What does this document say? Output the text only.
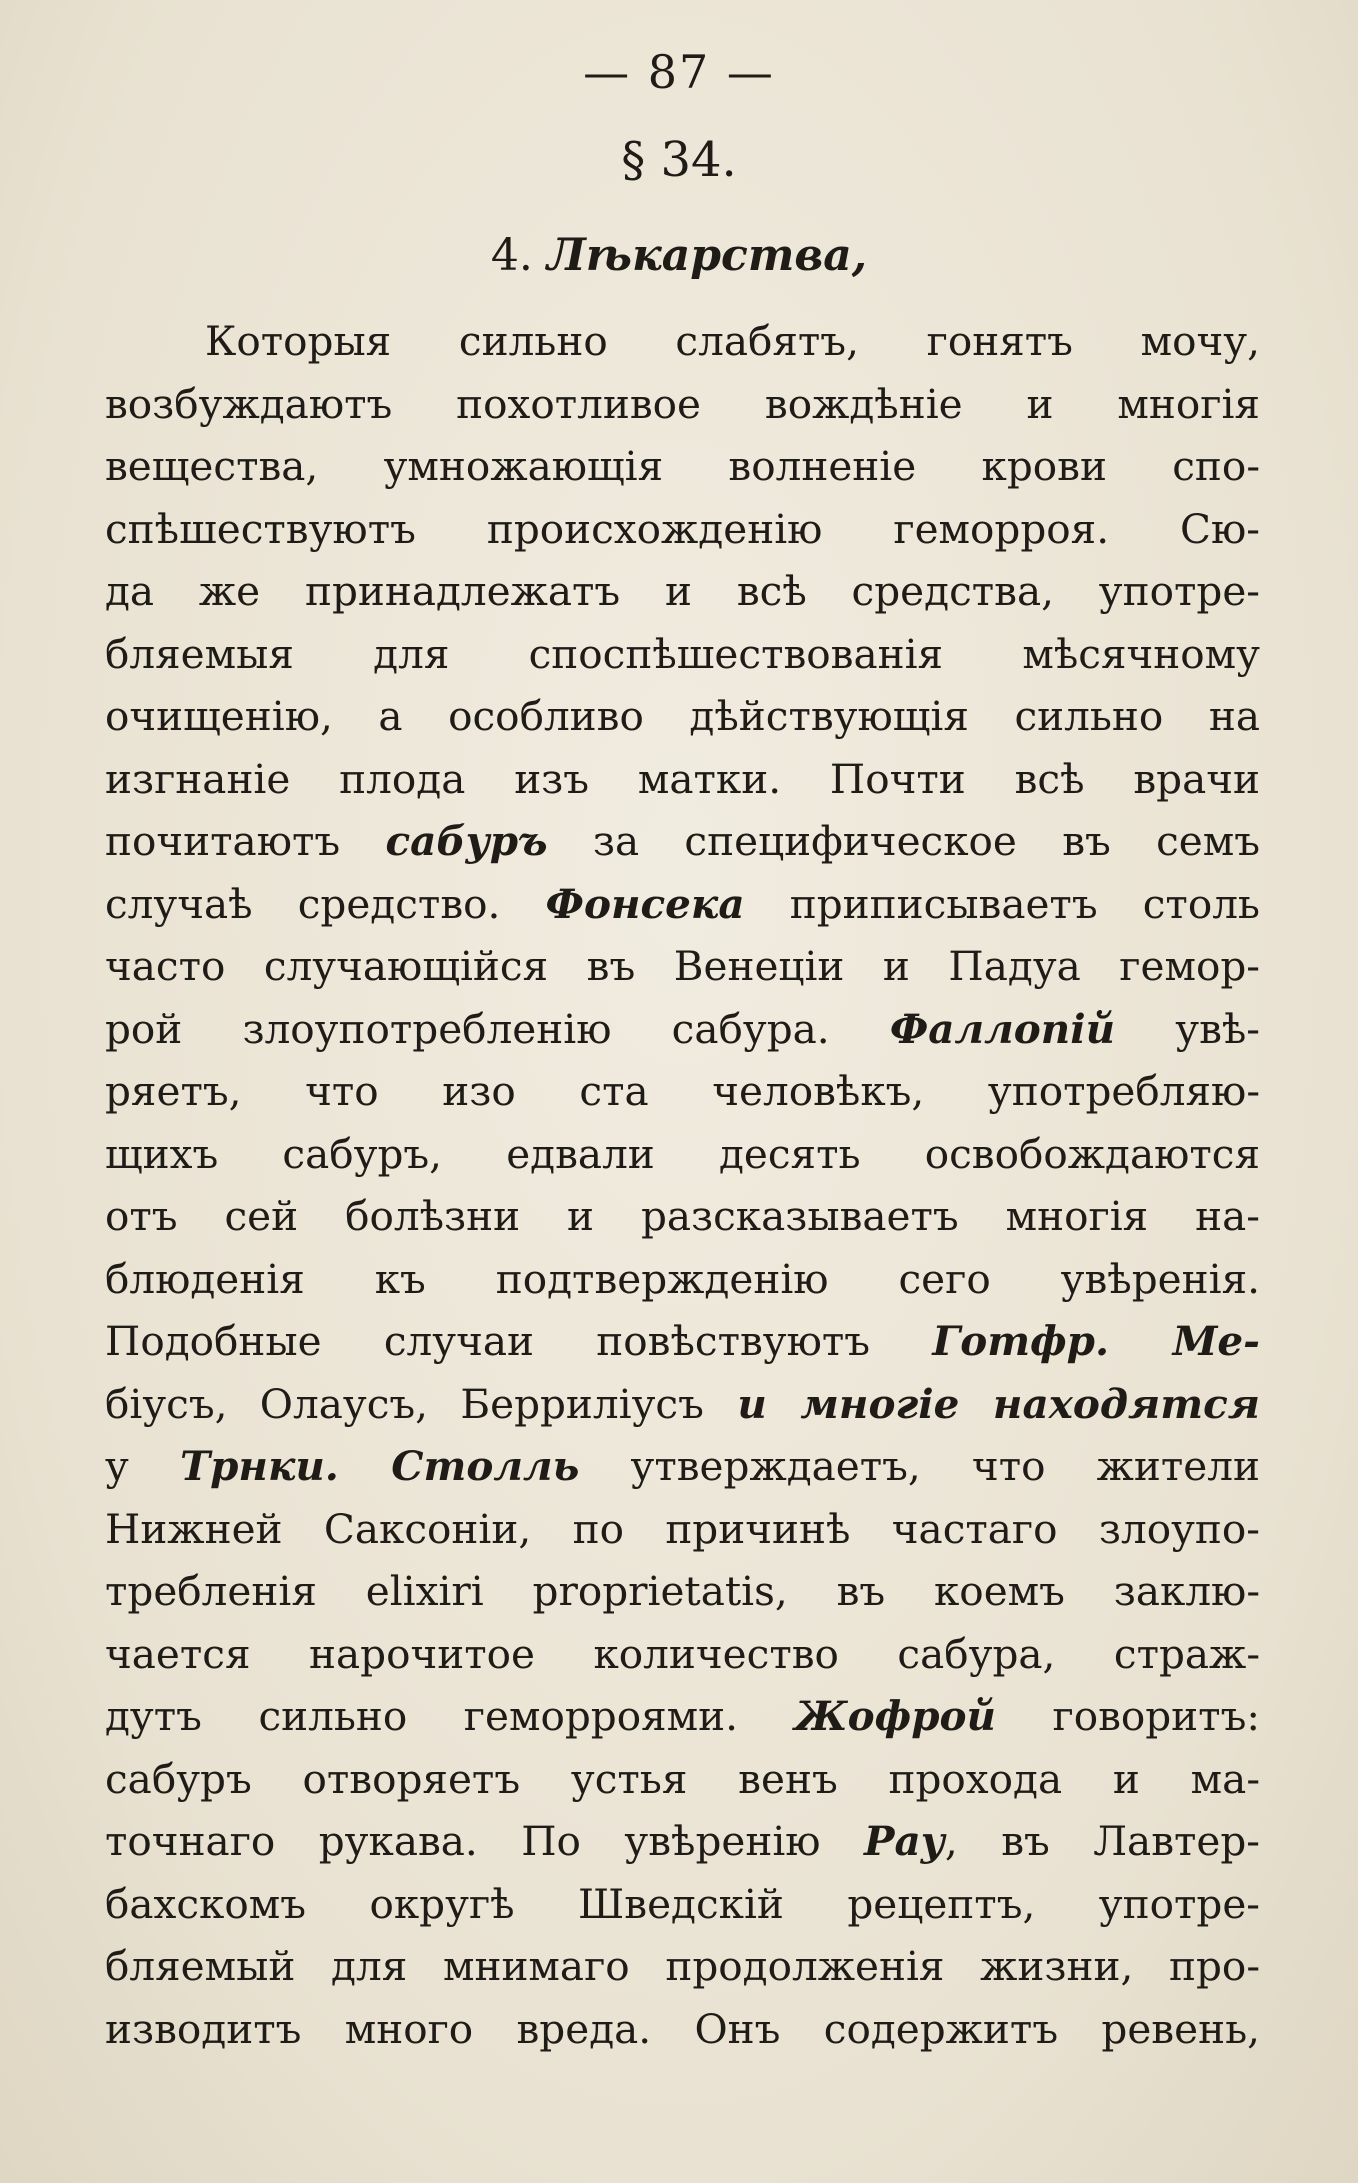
— 87 —
§ 34.
4. Лѣкарства,
Которыя сильно слабятъ, гонятъ мочу,
возбуждаютъ похотливое вождѣніе и многія
вещества, умножающія волненіе крови спо-
спѣшествуютъ происхожденію геморроя. Сю-
да же принадлежатъ и всѣ средства, употре-
бляемыя для споспѣшествованія мѣсячному
очищенію, а особливо дѣйствующія сильно на
изгнаніе плода изъ матки. Почти всѣ врачи
почитаютъ сабуръ за специфическое въ семъ
случаѣ средство. Фонсека приписываетъ столь
часто случающійся въ Венеціи и Падуа гемор-
рой злоупотребленію сабура. Фаллопій увѣ-
ряетъ, что изо ста человѣкъ, употребляю-
щихъ сабуръ, едвали десять освобождаются
отъ сей болѣзни и разсказываетъ многія на-
блюденія къ подтвержденію сего увѣренія.
Подобные случаи повѣствуютъ Готфр. Ме-
біусъ, Олаусъ, Беррилiусъ и многіе находятся
у Трнки. Столль утверждаетъ, что жители
Нижней Саксоніи, по причинѣ частаго злоупо-
требленія elixiri proprietatis, въ коемъ заклю-
чается нарочитое количество сабура, страж-
дутъ сильно геморроями. Жофрой говоритъ:
сабуръ отворяетъ устья венъ прохода и ма-
точнаго рукава. По увѣренію Рау, въ Лавтер-
бахскомъ округѣ Шведскій рецептъ, употре-
бляемый для мнимаго продолженія жизни, про-
изводитъ много вреда. Онъ содержитъ ревень,
